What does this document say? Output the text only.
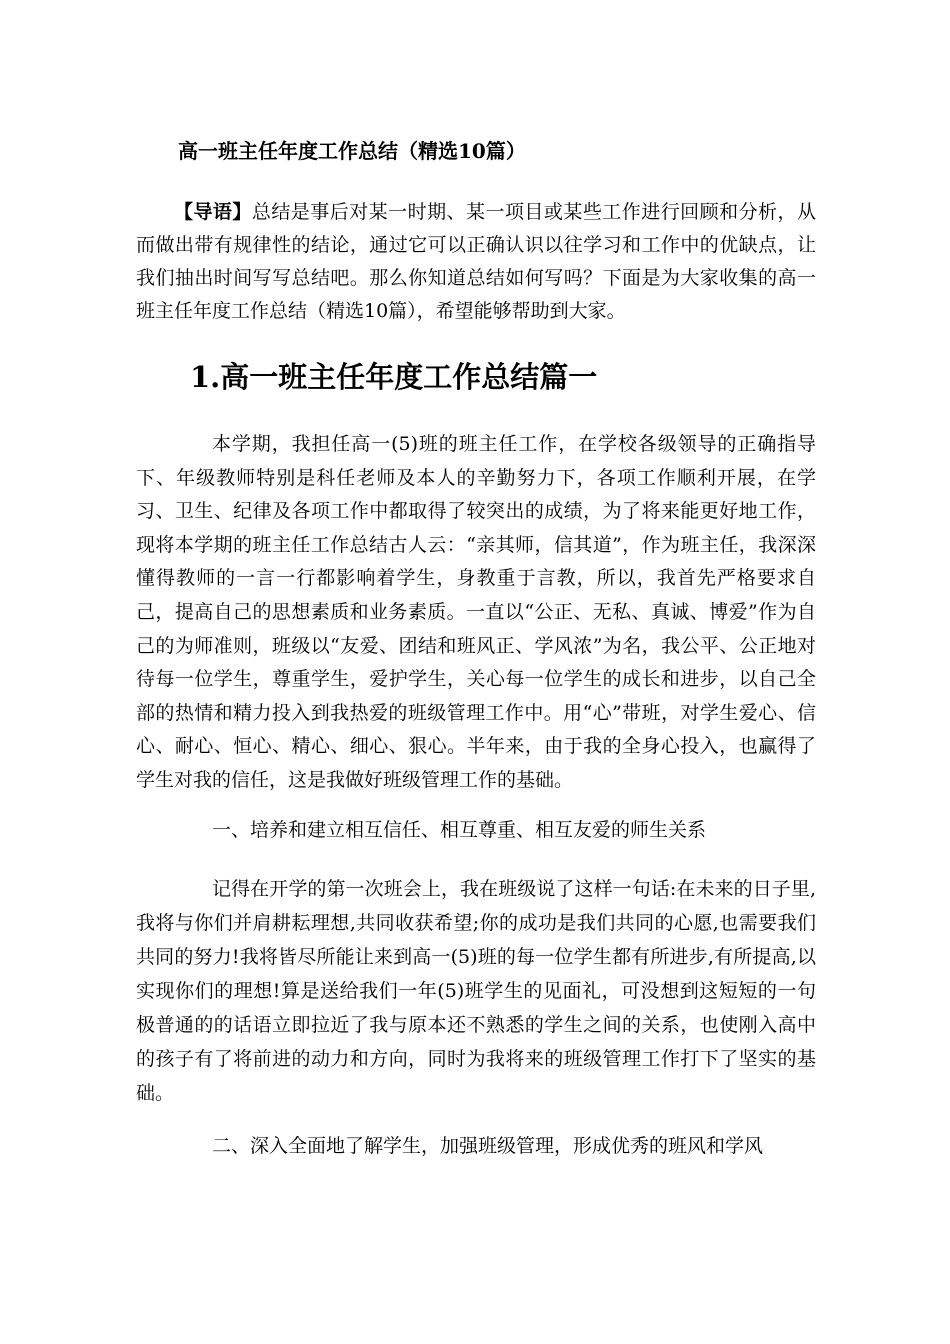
高一班主任年度工作总结（精选10篇）

【导语】总结是事后对某一时期、某一项目或某些工作进行回顾和分析，从而做出带有规律性的结论，通过它可以正确认识以往学习和工作中的优缺点，让我们抽出时间写写总结吧。那么你知道总结如何写吗？下面是为大家收集的高一班主任年度工作总结（精选10篇），希望能够帮助到大家。

1.高一班主任年度工作总结篇一

本学期，我担任高一(5)班的班主任工作，在学校各级领导的正确指导下、年级教师特别是科任老师及本人的辛勤努力下，各项工作顺利开展，在学习、卫生、纪律及各项工作中都取得了较突出的成绩，为了将来能更好地工作，现将本学期的班主任工作总结古人云：“亲其师，信其道”，作为班主任，我深深懂得教师的一言一行都影响着学生，身教重于言教，所以，我首先严格要求自己，提高自己的思想素质和业务素质。一直以“公正、无私、真诚、博爱”作为自己的为师准则，班级以“友爱、团结和班风正、学风浓”为名，我公平、公正地对待每一位学生，尊重学生，爱护学生，关心每一位学生的成长和进步，以自己全部的热情和精力投入到我热爱的班级管理工作中。用“心”带班，对学生爱心、信心、耐心、恒心、精心、细心、狠心。半年来，由于我的全身心投入，也赢得了学生对我的信任，这是我做好班级管理工作的基础。

一、培养和建立相互信任、相互尊重、相互友爱的师生关系

记得在开学的第一次班会上，我在班级说了这样一句话:在未来的日子里,我将与你们并肩耕耘理想,共同收获希望;你的成功是我们共同的心愿,也需要我们共同的努力!我将皆尽所能让来到高一(5)班的每一位学生都有所进步,有所提高,以实现你们的理想!算是送给我们一年(5)班学生的见面礼，可没想到这短短的一句极普通的的话语立即拉近了我与原本还不熟悉的学生之间的关系，也使刚入高中的孩子有了将前进的动力和方向，同时为我将来的班级管理工作打下了坚实的基础。

二、深入全面地了解学生，加强班级管理，形成优秀的班风和学风
